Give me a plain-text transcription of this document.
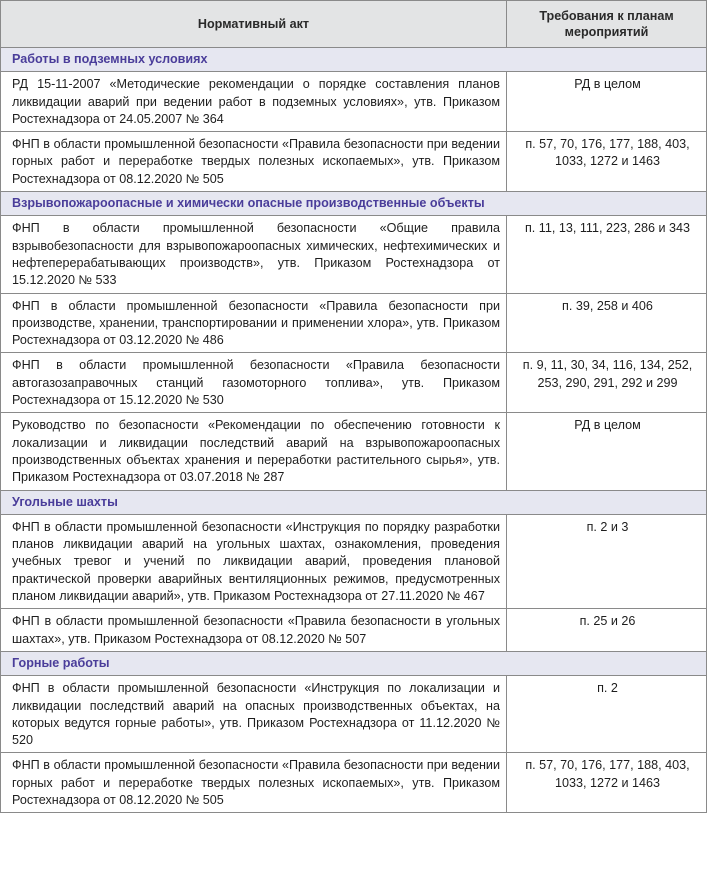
Нормативный акт	Требования к планам мероприятий
Работы в подземных условиях	
РД 15-11-2007 «Методические рекомендации о порядке составления планов ликвидации аварий при ведении работ в подземных условиях», утв. Приказом Ростехнадзора от 24.05.2007 № 364	РД в целом
ФНП в области промышленной безопасности «Правила безопасности при ведении горных работ и переработке твердых полезных ископаемых», утв. Приказом Ростехнадзора от 08.12.2020 № 505	п. 57, 70, 176, 177, 188, 403, 1033, 1272 и 1463
Взрывопожароопасные и химически опасные производственные объекты	
ФНП в области промышленной безопасности «Общие правила взрывобезопасности для взрывопожароопасных химических, нефтехимических и нефтеперерабатывающих производств», утв. Приказом Ростехнадзора от 15.12.2020 № 533	п. 11, 13, 111, 223, 286 и 343
ФНП в области промышленной безопасности «Правила безопасности при производстве, хранении, транспортировании и применении хлора», утв. Приказом Ростехнадзора от 03.12.2020 № 486	п. 39, 258 и 406
ФНП в области промышленной безопасности «Правила безопасности автогазозаправочных станций газомоторного топлива», утв. Приказом Ростехнадзора от 15.12.2020 № 530	п. 9, 11, 30, 34, 116, 134, 252, 253, 290, 291, 292 и 299
Руководство по безопасности «Рекомендации по обеспечению готовности к локализации и ликвидации последствий аварий на взрывопожароопасных производственных объектах хранения и переработки растительного сырья», утв. Приказом Ростехнадзора от 03.07.2018 № 287	РД в целом
Угольные шахты	
ФНП в области промышленной безопасности «Инструкция по порядку разработки планов ликвидации аварий на угольных шахтах, ознакомления, проведения учебных тревог и учений по ликвидации аварий, проведения плановой практической проверки аварийных вентиляционных режимов, предусмотренных планом ликвидации аварий», утв. Приказом Ростехнадзора от 27.11.2020 № 467	п. 2 и 3
ФНП в области промышленной безопасности «Правила безопасности в угольных шахтах», утв. Приказом Ростехнадзора от 08.12.2020 № 507	п. 25 и 26
Горные работы	
ФНП в области промышленной безопасности «Инструкция по локализации и ликвидации последствий аварий на опасных производственных объектах, на которых ведутся горные работы», утв. Приказом Ростехнадзора от 11.12.2020 № 520	п. 2
ФНП в области промышленной безопасности «Правила безопасности при ведении горных работ и переработке твердых полезных ископаемых», утв. Приказом Ростехнадзора от 08.12.2020 № 505	п. 57, 70, 176, 177, 188, 403, 1033, 1272 и 1463
